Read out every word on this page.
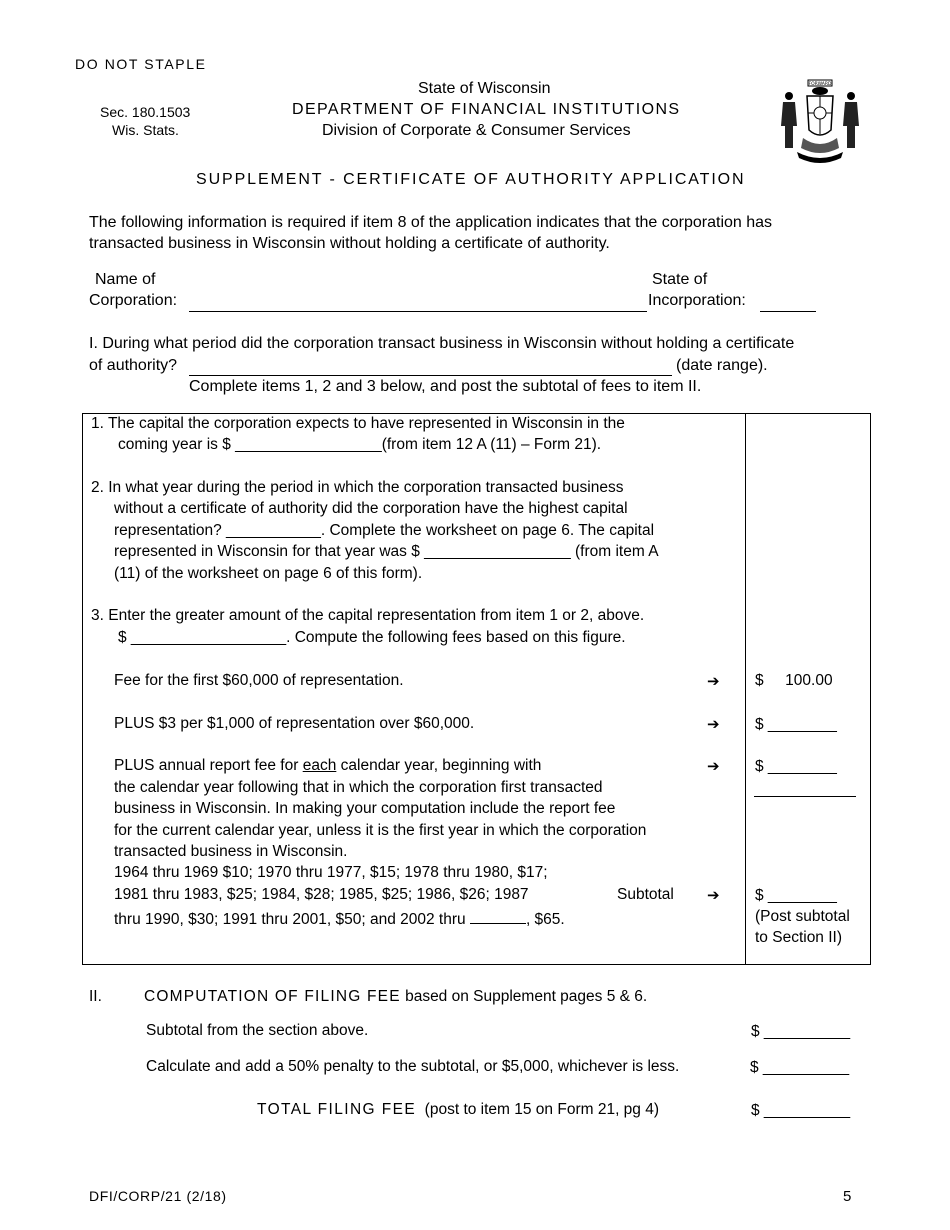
DO NOT STAPLE
Sec. 180.1503
Wis. Stats.
State of Wisconsin
DEPARTMENT OF FINANCIAL INSTITUTIONS
Division of Corporate & Consumer Services
FORWARD
SUPPLEMENT - CERTIFICATE OF AUTHORITY APPLICATION
The following information is required if item 8 of the application indicates that the corporation has
transacted business in Wisconsin without holding a certificate of authority.
Name of
Corporation:
State of
Incorporation:
I. During what period did the corporation transact business in Wisconsin without holding a certificate
of authority?	(date range).
Complete items 1, 2 and 3 below, and post the subtotal of fees to item II.
1. The capital the corporation expects to have represented in Wisconsin in the
coming year is $ _________________(from item 12 A (11) – Form 21).
2. In what year during the period in which the corporation transacted business
without a certificate of authority did the corporation have the highest capital
representation? ___________. Complete the worksheet on page 6. The capital
represented in Wisconsin for that year was $ _________________ (from item A
(11) of the worksheet on page 6 of this form).
3. Enter the greater amount of the capital representation from item 1 or 2, above.
$ __________________. Compute the following fees based on this figure.
Fee for the first $60,000 of representation.	➔ $     100.00
PLUS $3 per $1,000 of representation over $60,000.	➔ $ ________
PLUS annual report fee for each calendar year, beginning with	➔ $ ________
the calendar year following that in which the corporation first transacted
business in Wisconsin. In making your computation include the report fee
for the current calendar year, unless it is the first year in which the corporation
transacted business in Wisconsin.
1964 thru 1969 $10; 1970 thru 1977, $15; 1978 thru 1980, $17;
1981 thru 1983, $25; 1984, $28; 1985, $25; 1986, $26; 1987
thru 1990, $30; 1991 thru 2001, $50; and 2002 thru	, $65.
Subtotal ➔ $ ________
(Post subtotal
to Section II)
II.	COMPUTATION OF FILING FEE based on Supplement pages 5 & 6.
Subtotal from the section above.	$ __________
Calculate and add a 50% penalty to the subtotal, or $5,000, whichever is less.	$ __________
TOTAL FILING FEE  (post to item 15 on Form 21, pg 4)	$ __________
DFI/CORP/21 (2/18)	5
